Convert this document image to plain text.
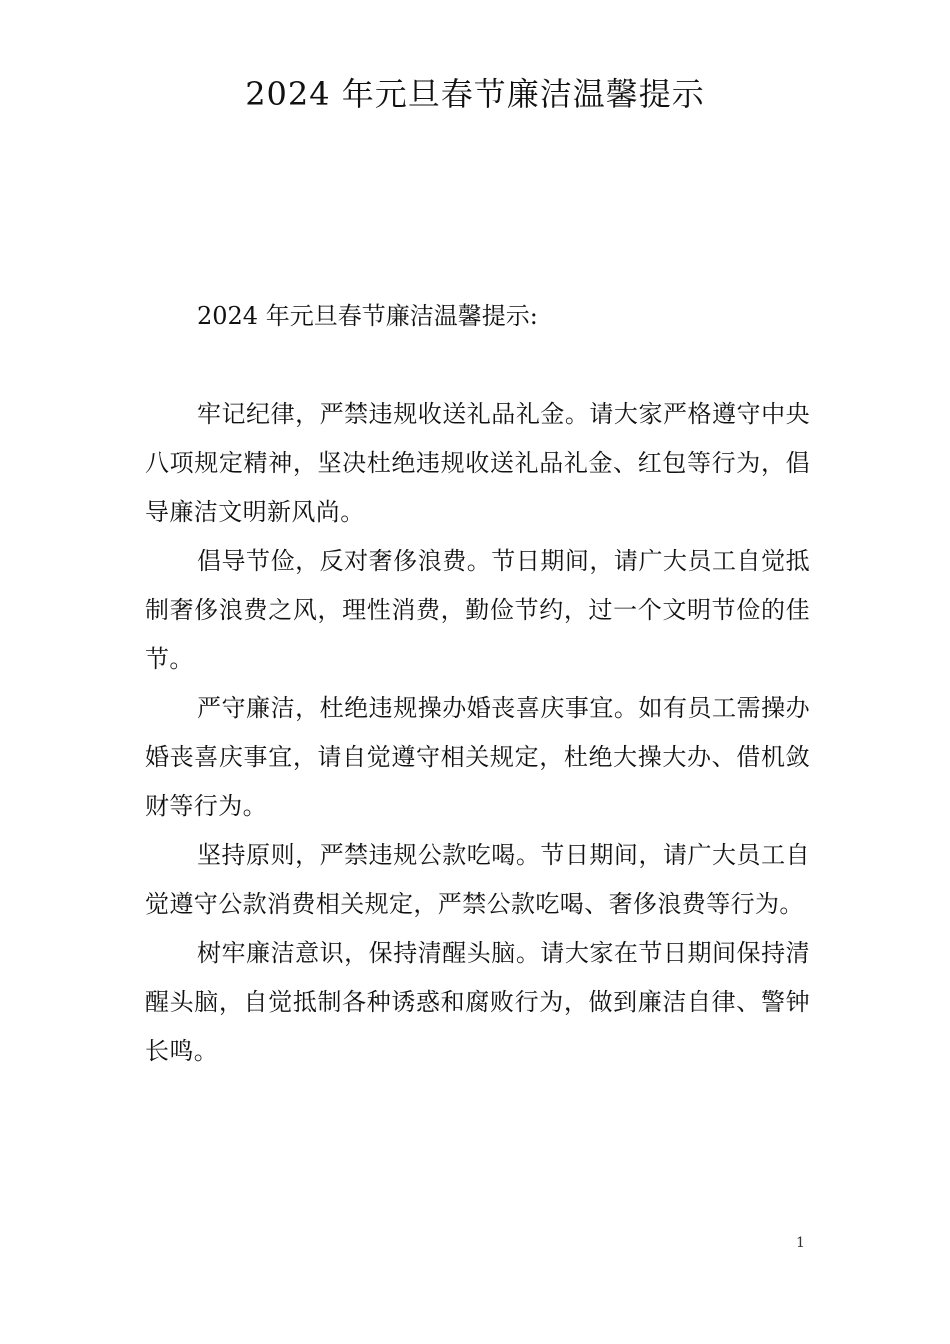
2024 年元旦春节廉洁温馨提示

2024 年元旦春节廉洁温馨提示:

牢记纪律，严禁违规收送礼品礼金。请大家严格遵守中央八项规定精神，坚决杜绝违规收送礼品礼金、红包等行为，倡导廉洁文明新风尚。

倡导节俭，反对奢侈浪费。节日期间，请广大员工自觉抵制奢侈浪费之风，理性消费，勤俭节约，过一个文明节俭的佳节。

严守廉洁，杜绝违规操办婚丧喜庆事宜。如有员工需操办婚丧喜庆事宜，请自觉遵守相关规定，杜绝大操大办、借机敛财等行为。

坚持原则，严禁违规公款吃喝。节日期间，请广大员工自觉遵守公款消费相关规定，严禁公款吃喝、奢侈浪费等行为。

树牢廉洁意识，保持清醒头脑。请大家在节日期间保持清醒头脑，自觉抵制各种诱惑和腐败行为，做到廉洁自律、警钟长鸣。

1
